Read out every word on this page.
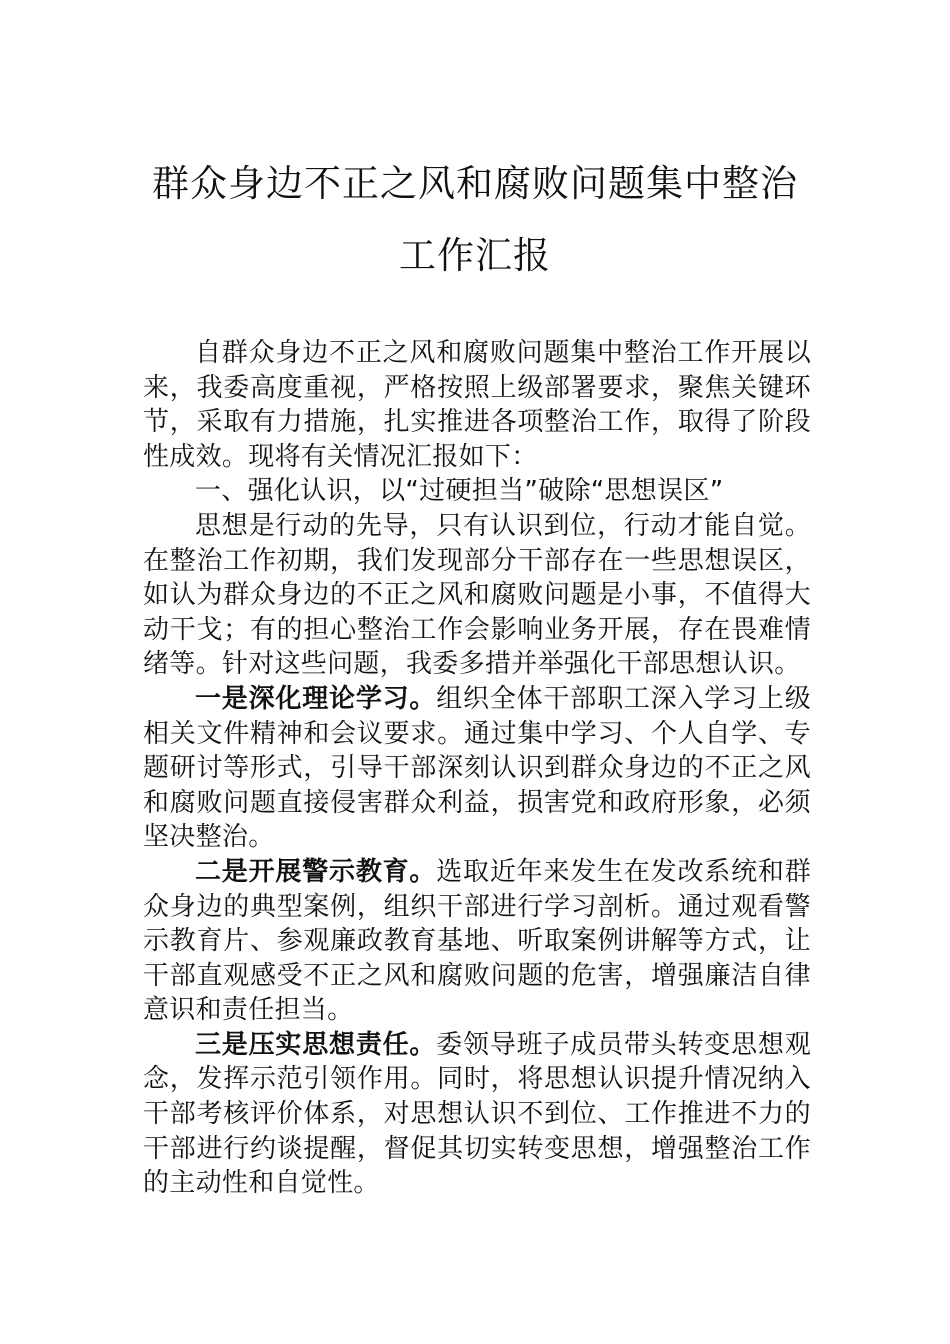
群众身边不正之风和腐败问题集中整治工作汇报

自群众身边不正之风和腐败问题集中整治工作开展以来，我委高度重视，严格按照上级部署要求，聚焦关键环节，采取有力措施，扎实推进各项整治工作，取得了阶段性成效。现将有关情况汇报如下：

一、强化认识，以“过硬担当”破除“思想误区”

思想是行动的先导，只有认识到位，行动才能自觉。在整治工作初期，我们发现部分干部存在一些思想误区，如认为群众身边的不正之风和腐败问题是小事，不值得大动干戈；有的担心整治工作会影响业务开展，存在畏难情绪等。针对这些问题，我委多措并举强化干部思想认识。

一是深化理论学习。组织全体干部职工深入学习上级相关文件精神和会议要求。通过集中学习、个人自学、专题研讨等形式，引导干部深刻认识到群众身边的不正之风和腐败问题直接侵害群众利益，损害党和政府形象，必须坚决整治。

二是开展警示教育。选取近年来发生在发改系统和群众身边的典型案例，组织干部进行学习剖析。通过观看警示教育片、参观廉政教育基地、听取案例讲解等方式，让干部直观感受不正之风和腐败问题的危害，增强廉洁自律意识和责任担当。

三是压实思想责任。委领导班子成员带头转变思想观念，发挥示范引领作用。同时，将思想认识提升情况纳入干部考核评价体系，对思想认识不到位、工作推进不力的干部进行约谈提醒，督促其切实转变思想，增强整治工作的主动性和自觉性。
